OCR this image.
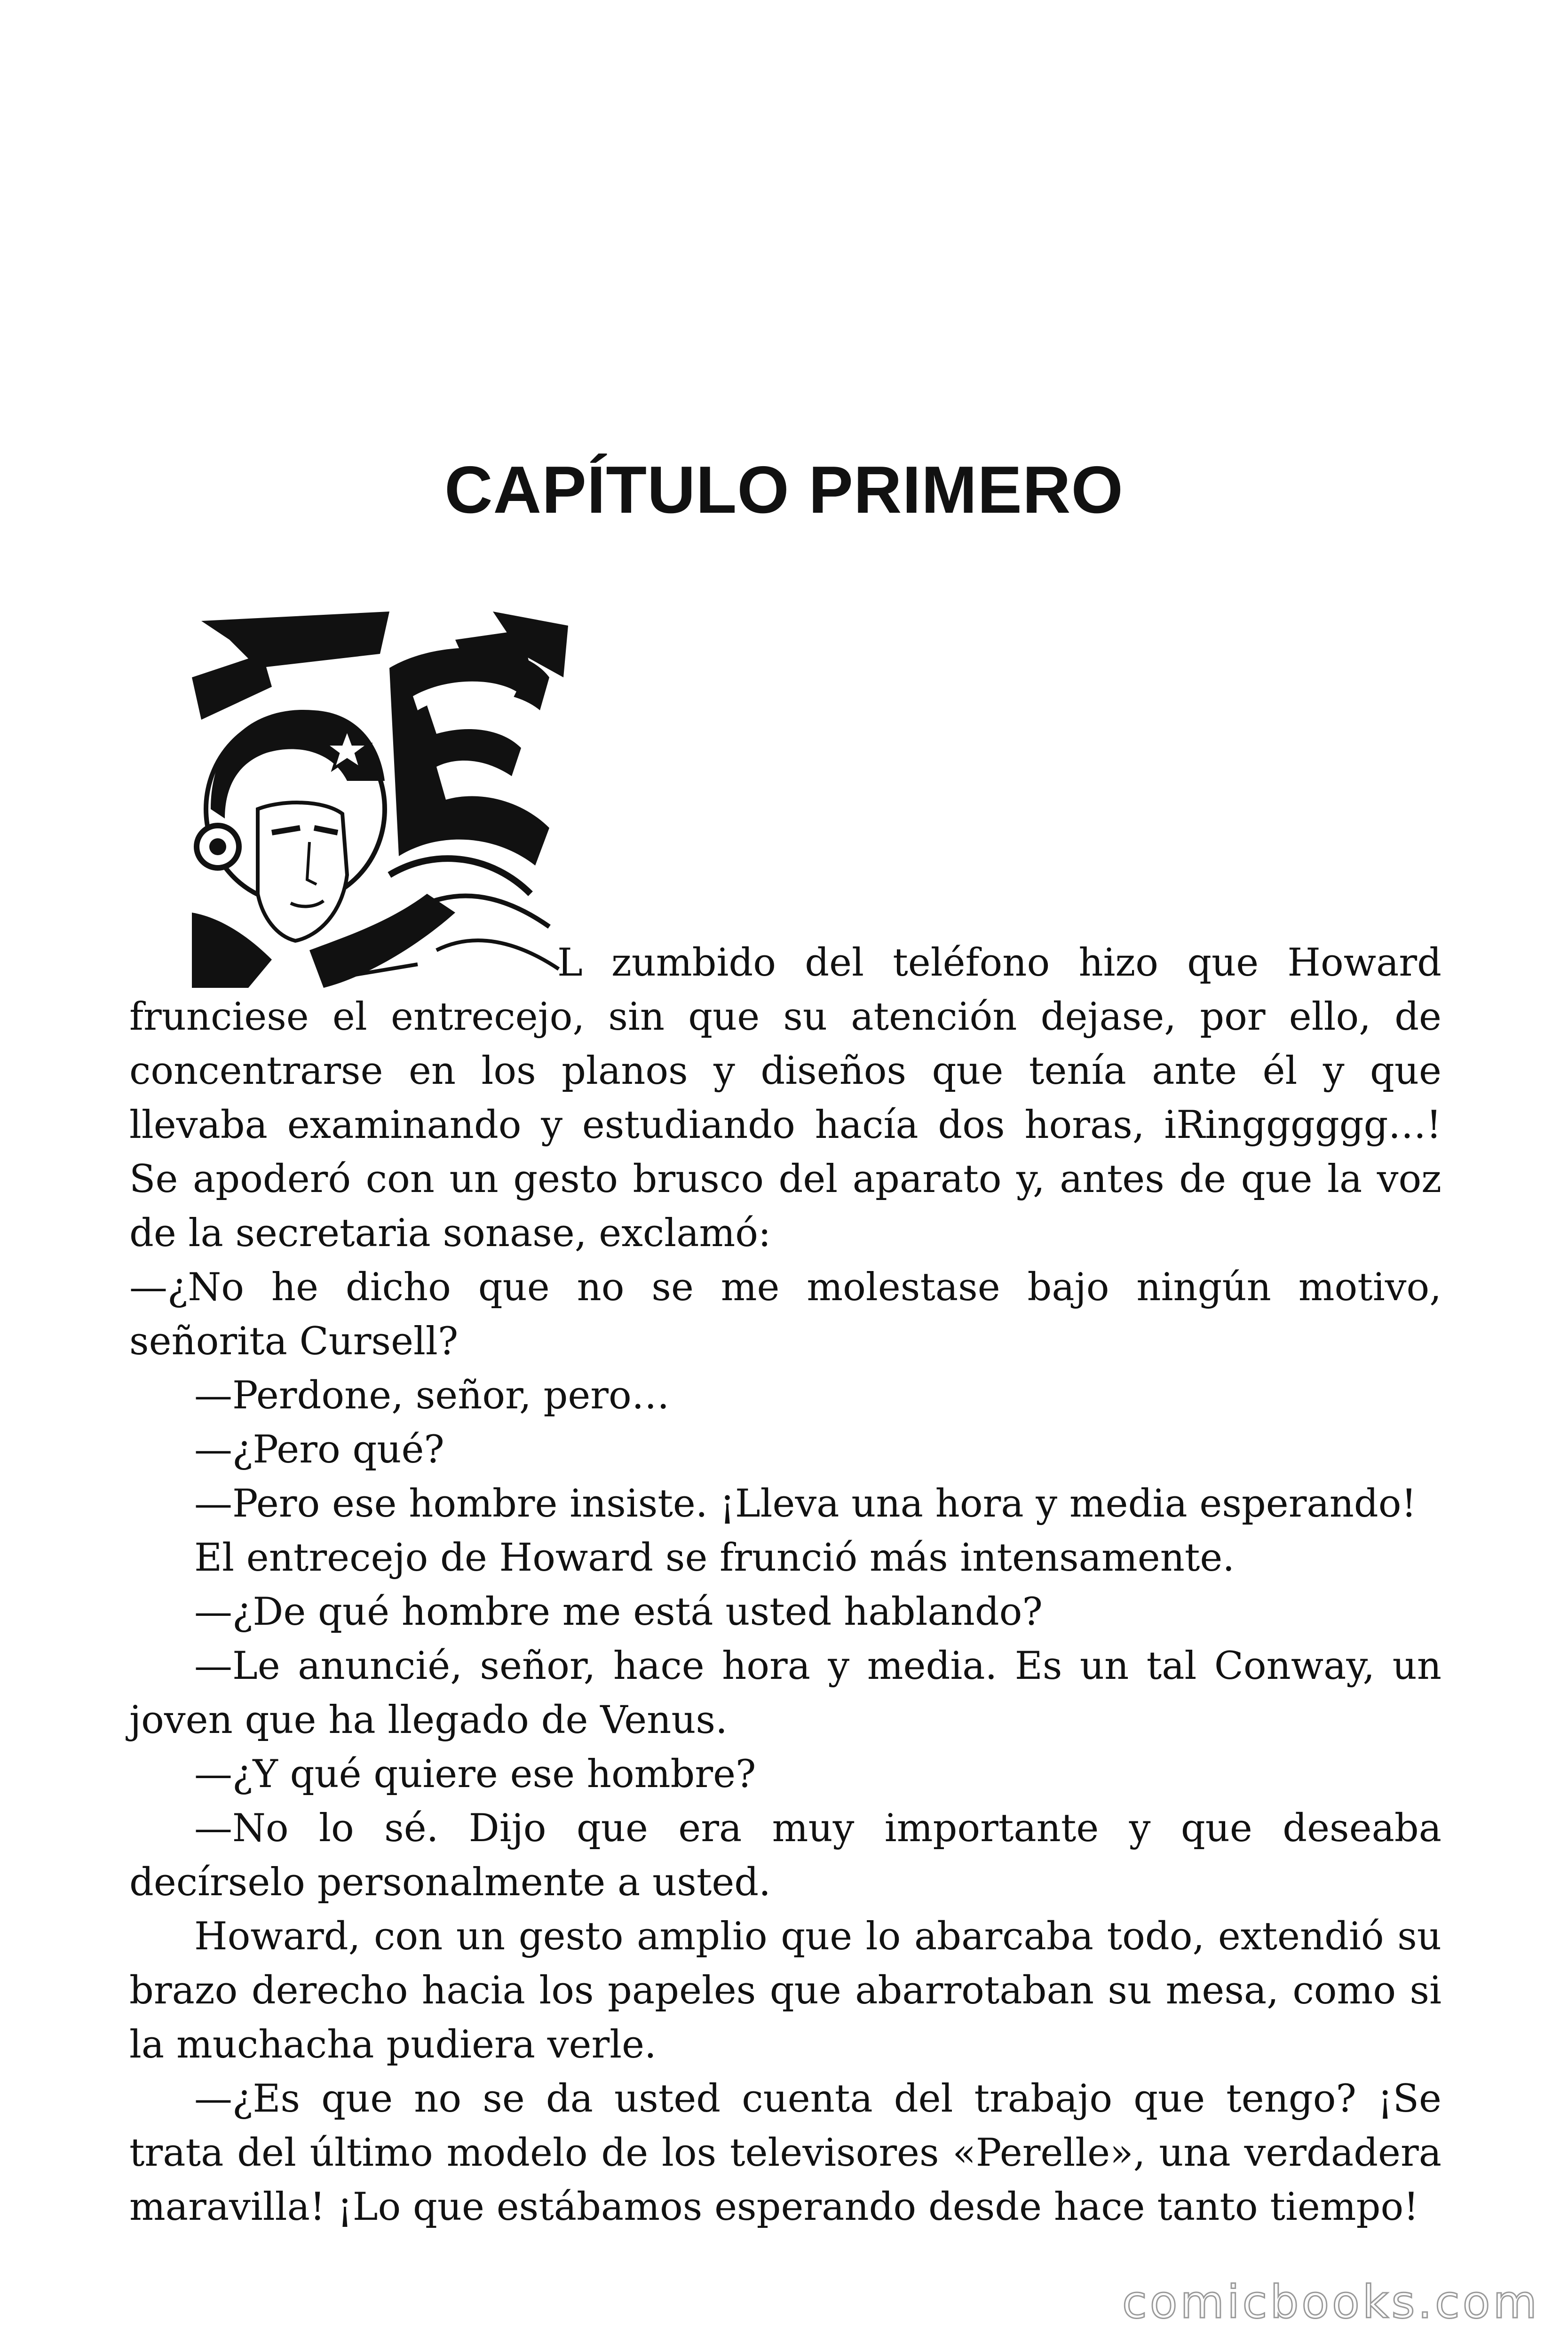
CAPÍTULO PRIMERO

L zumbido del teléfono hizo que Howard frunciese el entrecejo, sin que su atención dejase, por ello, de concentrarse en los planos y diseños que tenía ante él y que llevaba examinando y estudiando hacía dos horas, iRingggggg…! Se apoderó con un gesto brusco del aparato y, antes de que la voz de la secretaria sonase, exclamó:

—¿No he dicho que no se me molestase bajo ningún motivo, señorita Cursell?

—Perdone, señor, pero…

—¿Pero qué?

—Pero ese hombre insiste. ¡Lleva una hora y media esperando!

El entrecejo de Howard se frunció más intensamente.

—¿De qué hombre me está usted hablando?

—Le anuncié, señor, hace hora y media. Es un tal Conway, un joven que ha llegado de Venus.

—¿Y qué quiere ese hombre?

—No lo sé. Dijo que era muy importante y que deseaba decírselo personalmente a usted.

Howard, con un gesto amplio que lo abarcaba todo, extendió su brazo derecho hacia los papeles que abarrotaban su mesa, como si la muchacha pudiera verle.

—¿Es que no se da usted cuenta del trabajo que tengo? ¡Se trata del último modelo de los televisores «Perelle», una verdadera maravilla! ¡Lo que estábamos esperando desde hace tanto tiempo!

comicbooks.com
